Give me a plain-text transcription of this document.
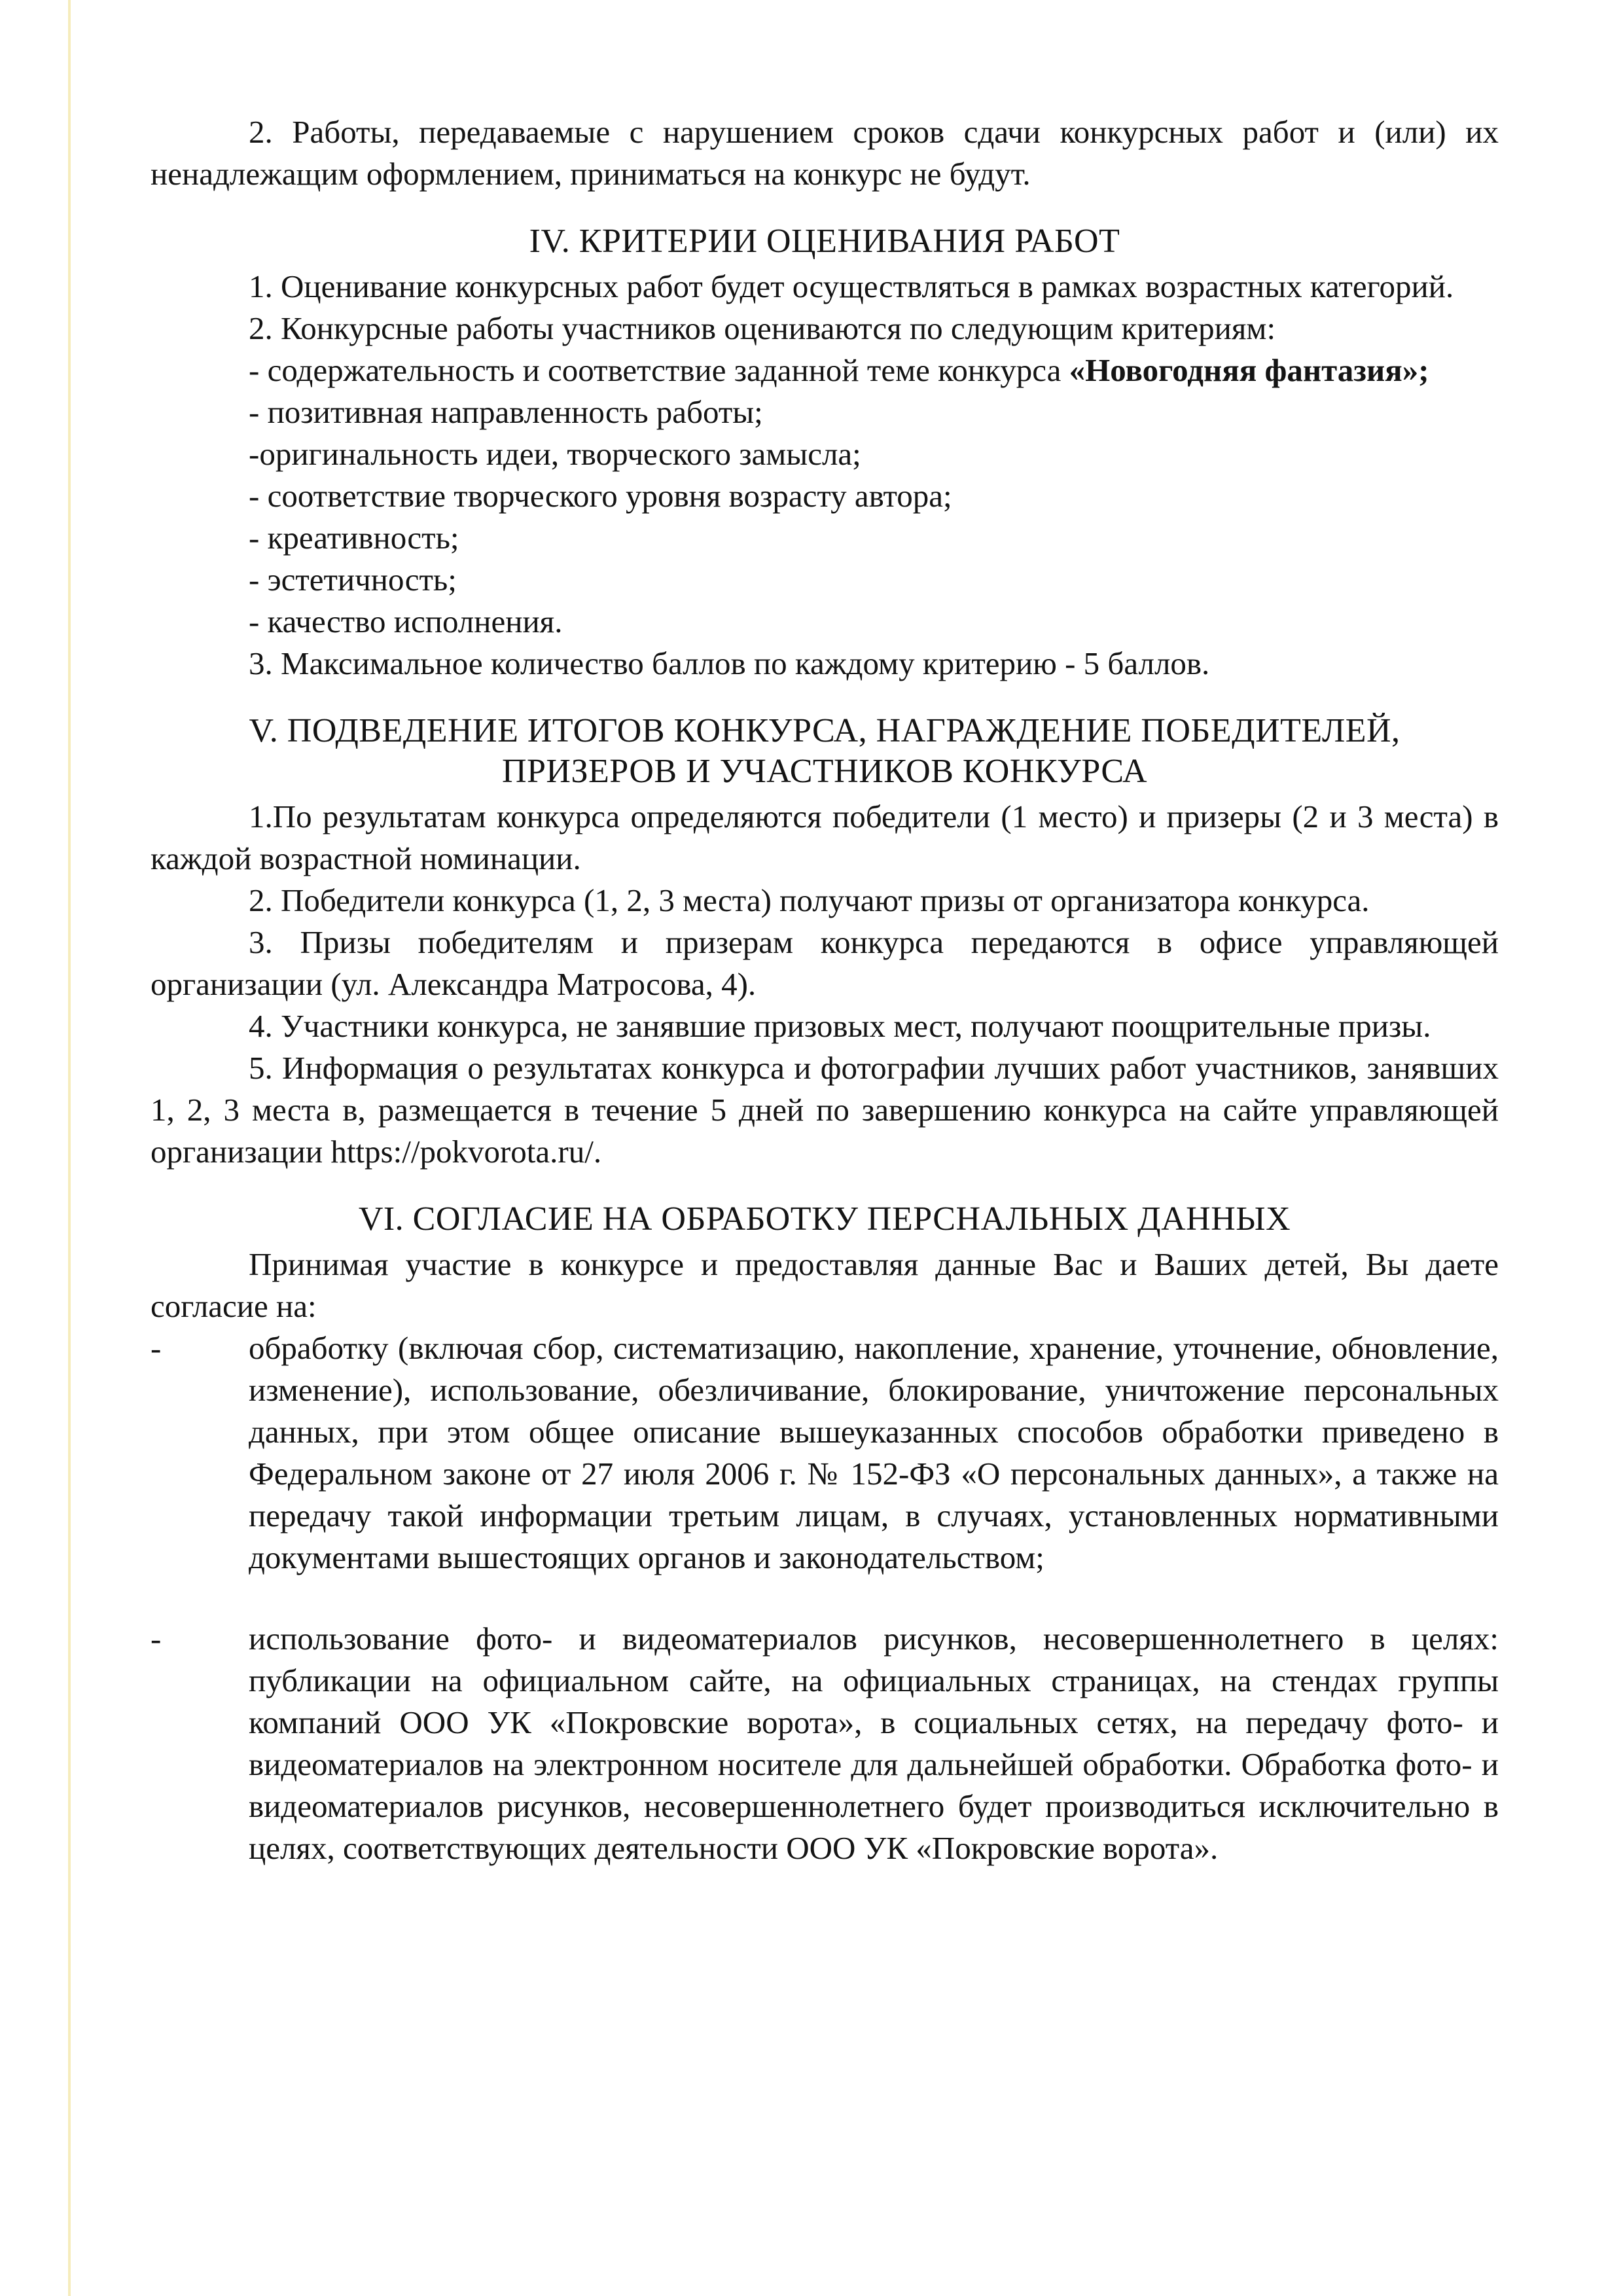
2. Работы, передаваемые с нарушением сроков сдачи конкурсных работ и (или) их ненадлежащим оформлением, приниматься на конкурс не будут.

IV. КРИТЕРИИ ОЦЕНИВАНИЯ РАБОТ

1. Оценивание конкурсных работ будет осуществляться в рамках возрастных категорий.

2. Конкурсные работы участников оцениваются по следующим критериям:

- содержательность и соответствие заданной теме конкурса «Новогодняя фантазия»;

- позитивная направленность работы;

-оригинальность идеи, творческого замысла;

- соответствие творческого уровня возрасту автора;

- креативность;

- эстетичность;

- качество исполнения.

3. Максимальное количество баллов по каждому критерию - 5 баллов.

V. ПОДВЕДЕНИЕ ИТОГОВ КОНКУРСА, НАГРАЖДЕНИЕ ПОБЕДИТЕЛЕЙ,
ПРИЗЕРОВ И УЧАСТНИКОВ КОНКУРСА

1.По результатам конкурса определяются победители (1 место) и призеры (2 и 3 места) в каждой возрастной номинации.

2. Победители конкурса (1, 2, 3 места) получают призы от организатора конкурса.

3. Призы победителям и призерам конкурса передаются в офисе управляющей организации (ул. Александра Матросова, 4).

4. Участники конкурса, не занявшие призовых мест, получают поощрительные призы.

5. Информация о результатах конкурса и фотографии лучших работ участников, занявших 1, 2, 3 места в, размещается в течение 5 дней по завершению конкурса на сайте управляющей организации https://pokvorota.ru/.

VI. СОГЛАСИЕ НА ОБРАБОТКУ ПЕРСНАЛЬНЫХ ДАННЫХ

Принимая участие в конкурсе и предоставляя данные Вас и Ваших детей, Вы даете согласие на:

-	обработку (включая сбор, систематизацию, накопление, хранение, уточнение, обновление, изменение), использование, обезличивание, блокирование, уничтожение персональных данных, при этом общее описание вышеуказанных способов обработки приведено в Федеральном законе от 27 июля 2006 г. № 152-ФЗ «О персональных данных», а также на передачу такой информации третьим лицам, в случаях, установленных нормативными документами вышестоящих органов и законодательством;
-	использование фото- и видеоматериалов рисунков, несовершеннолетнего в целях: публикации на официальном сайте, на официальных страницах, на стендах группы компаний ООО УК «Покровские ворота», в социальных сетях, на передачу фото- и видеоматериалов на электронном носителе для дальнейшей обработки. Обработка фото- и видеоматериалов рисунков, несовершеннолетнего будет производиться исключительно в целях, соответствующих деятельности ООО УК «Покровские ворота».
